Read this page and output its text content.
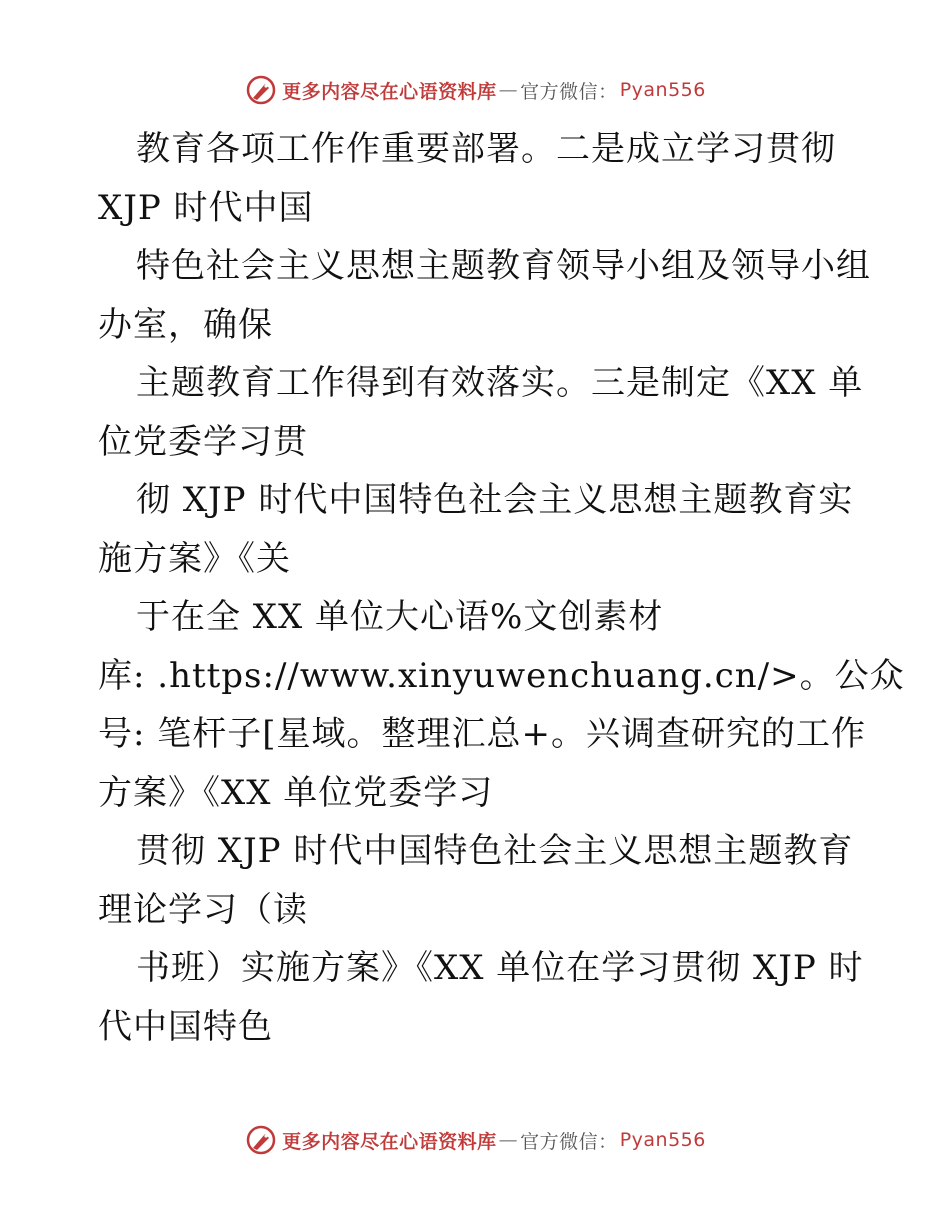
更多内容尽在心语资料库 — 官方微信： Pyan556
教育各项工作作重要部署。二是成立学习贯彻
XJP 时代中国
特色社会主义思想主题教育领导小组及领导小组
办室，确保
主题教育工作得到有效落实。三是制定《XX 单
位党委学习贯
彻 XJP 时代中国特色社会主义思想主题教育实
施方案》《关
于在全 XX 单位大心语%文创素材
库: .https://www.xinyuwenchuang.cn/>。公众
号: 笔杆子[星域。整理汇总+。兴调查研究的工作
方案》《XX 单位党委学习
贯彻 XJP 时代中国特色社会主义思想主题教育
理论学习（读
书班）实施方案》《XX 单位在学习贯彻 XJP 时
代中国特色
更多内容尽在心语资料库 — 官方微信： Pyan556
